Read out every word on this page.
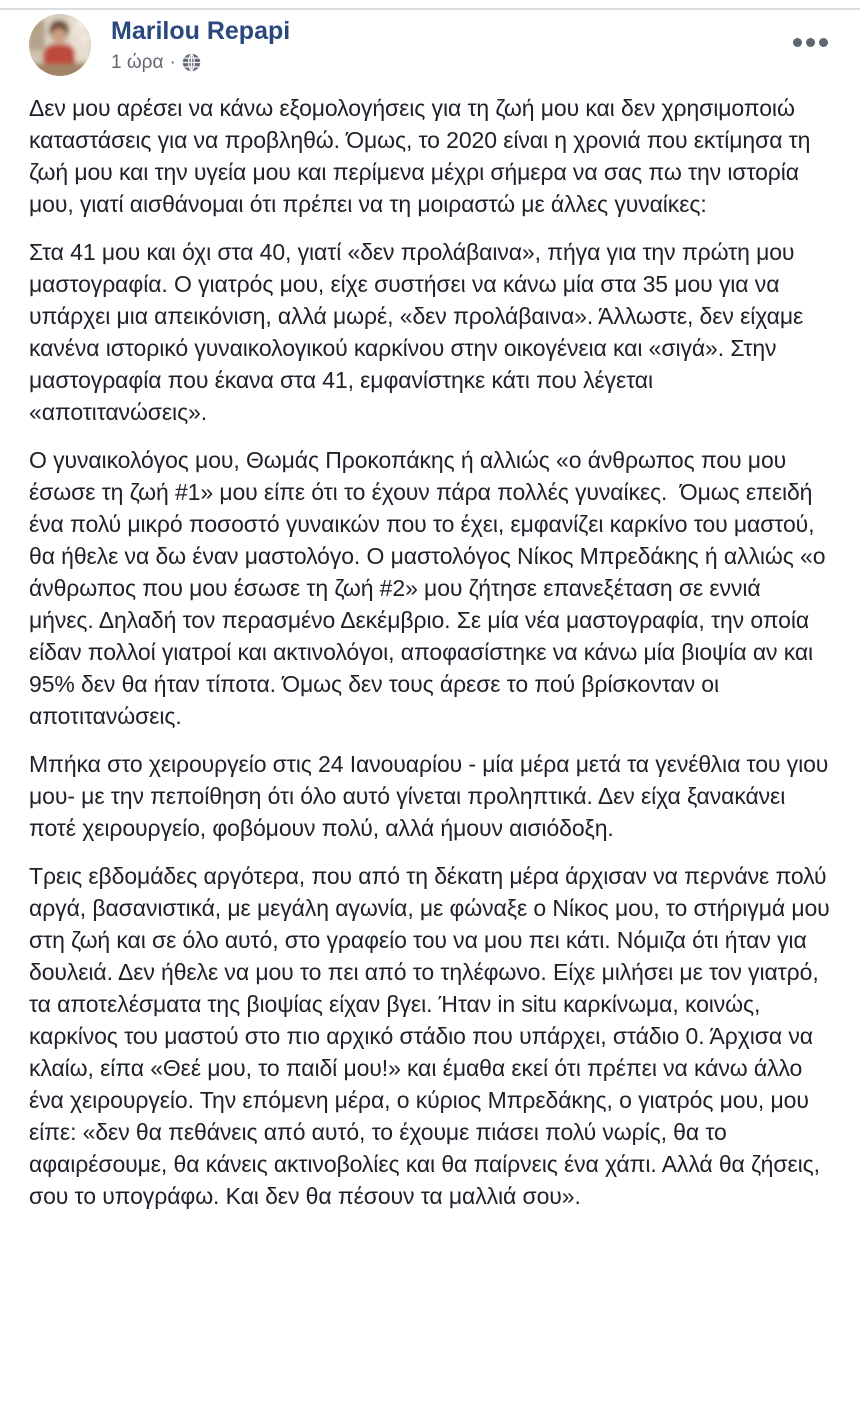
Marilou Repapi
1 ώρα ·

Δεν μου αρέσει να κάνω εξομολογήσεις για τη ζωή μου και δεν χρησιμοποιώ καταστάσεις για να προβληθώ. Όμως, το 2020 είναι η χρονιά που εκτίμησα τη ζωή μου και την υγεία μου και περίμενα μέχρι σήμερα να σας πω την ιστορία μου, γιατί αισθάνομαι ότι πρέπει να τη μοιραστώ με άλλες γυναίκες:

Στα 41 μου και όχι στα 40, γιατί «δεν προλάβαινα», πήγα για την πρώτη μου μαστογραφία. Ο γιατρός μου, είχε συστήσει να κάνω μία στα 35 μου για να υπάρχει μια απεικόνιση, αλλά μωρέ, «δεν προλάβαινα». Άλλωστε, δεν είχαμε κανένα ιστορικό γυναικολογικού καρκίνου στην οικογένεια και «σιγά». Στην μαστογραφία που έκανα στα 41, εμφανίστηκε κάτι που λέγεται «αποτιτανώσεις».

Ο γυναικολόγος μου, Θωμάς Προκοπάκης ή αλλιώς «ο άνθρωπος που μου έσωσε τη ζωή #1» μου είπε ότι το έχουν πάρα πολλές γυναίκες.  Όμως επειδή ένα πολύ μικρό ποσοστό γυναικών που το έχει, εμφανίζει καρκίνο του μαστού, θα ήθελε να δω έναν μαστολόγο. Ο μαστολόγος Νίκος Μπρεδάκης ή αλλιώς «ο άνθρωπος που μου έσωσε τη ζωή #2» μου ζήτησε επανεξέταση σε εννιά μήνες. Δηλαδή τον περασμένο Δεκέμβριο. Σε μία νέα μαστογραφία, την οποία είδαν πολλοί γιατροί και ακτινολόγοι, αποφασίστηκε να κάνω μία βιοψία αν και 95% δεν θα ήταν τίποτα. Όμως δεν τους άρεσε το πού βρίσκονταν οι αποτιτανώσεις.

Μπήκα στο χειρουργείο στις 24 Ιανουαρίου - μία μέρα μετά τα γενέθλια του γιου μου- με την πεποίθηση ότι όλο αυτό γίνεται προληπτικά. Δεν είχα ξανακάνει ποτέ χειρουργείο, φοβόμουν πολύ, αλλά ήμουν αισιόδοξη.

Τρεις εβδομάδες αργότερα, που από τη δέκατη μέρα άρχισαν να περνάνε πολύ αργά, βασανιστικά, με μεγάλη αγωνία, με φώναξε ο Νίκος μου, το στήριγμά μου στη ζωή και σε όλο αυτό, στο γραφείο του να μου πει κάτι. Νόμιζα ότι ήταν για δουλειά. Δεν ήθελε να μου το πει από το τηλέφωνο. Είχε μιλήσει με τον γιατρό, τα αποτελέσματα της βιοψίας είχαν βγει. Ήταν in situ καρκίνωμα, κοινώς, καρκίνος του μαστού στο πιο αρχικό στάδιο που υπάρχει, στάδιο 0. Άρχισα να κλαίω, είπα «Θεέ μου, το παιδί μου!» και έμαθα εκεί ότι πρέπει να κάνω άλλο ένα χειρουργείο. Την επόμενη μέρα, ο κύριος Μπρεδάκης, ο γιατρός μου, μου είπε: «δεν θα πεθάνεις από αυτό, το έχουμε πιάσει πολύ νωρίς, θα το αφαιρέσουμε, θα κάνεις ακτινοβολίες και θα παίρνεις ένα χάπι. Αλλά θα ζήσεις, σου το υπογράφω. Και δεν θα πέσουν τα μαλλιά σου».
